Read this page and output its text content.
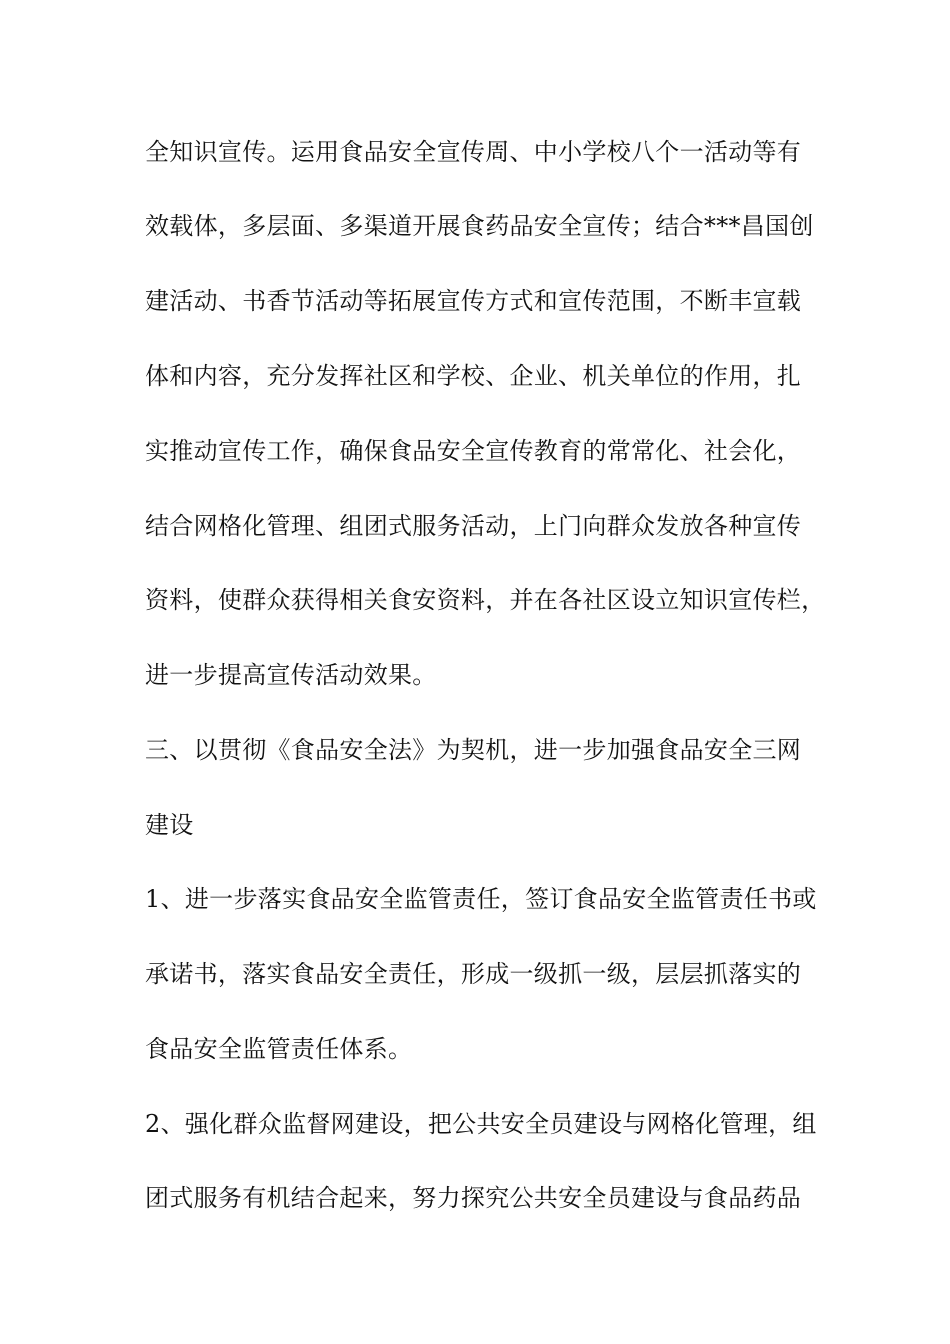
全知识宣传。运用食品安全宣传周、中小学校八个一活动等有
效载体，多层面、多渠道开展食药品安全宣传；结合***昌国创
建活动、书香节活动等拓展宣传方式和宣传范围，不断丰宣载
体和内容，充分发挥社区和学校、企业、机关单位的作用，扎
实推动宣传工作，确保食品安全宣传教育的常常化、社会化，
结合网格化管理、组团式服务活动，上门向群众发放各种宣传
资料，使群众获得相关食安资料，并在各社区设立知识宣传栏，
进一步提高宣传活动效果。
三、以贯彻《食品安全法》为契机，进一步加强食品安全三网
建设
1、进一步落实食品安全监管责任，签订食品安全监管责任书或
承诺书，落实食品安全责任，形成一级抓一级，层层抓落实的
食品安全监管责任体系。
2、强化群众监督网建设，把公共安全员建设与网格化管理，组
团式服务有机结合起来，努力探究公共安全员建设与食品药品
